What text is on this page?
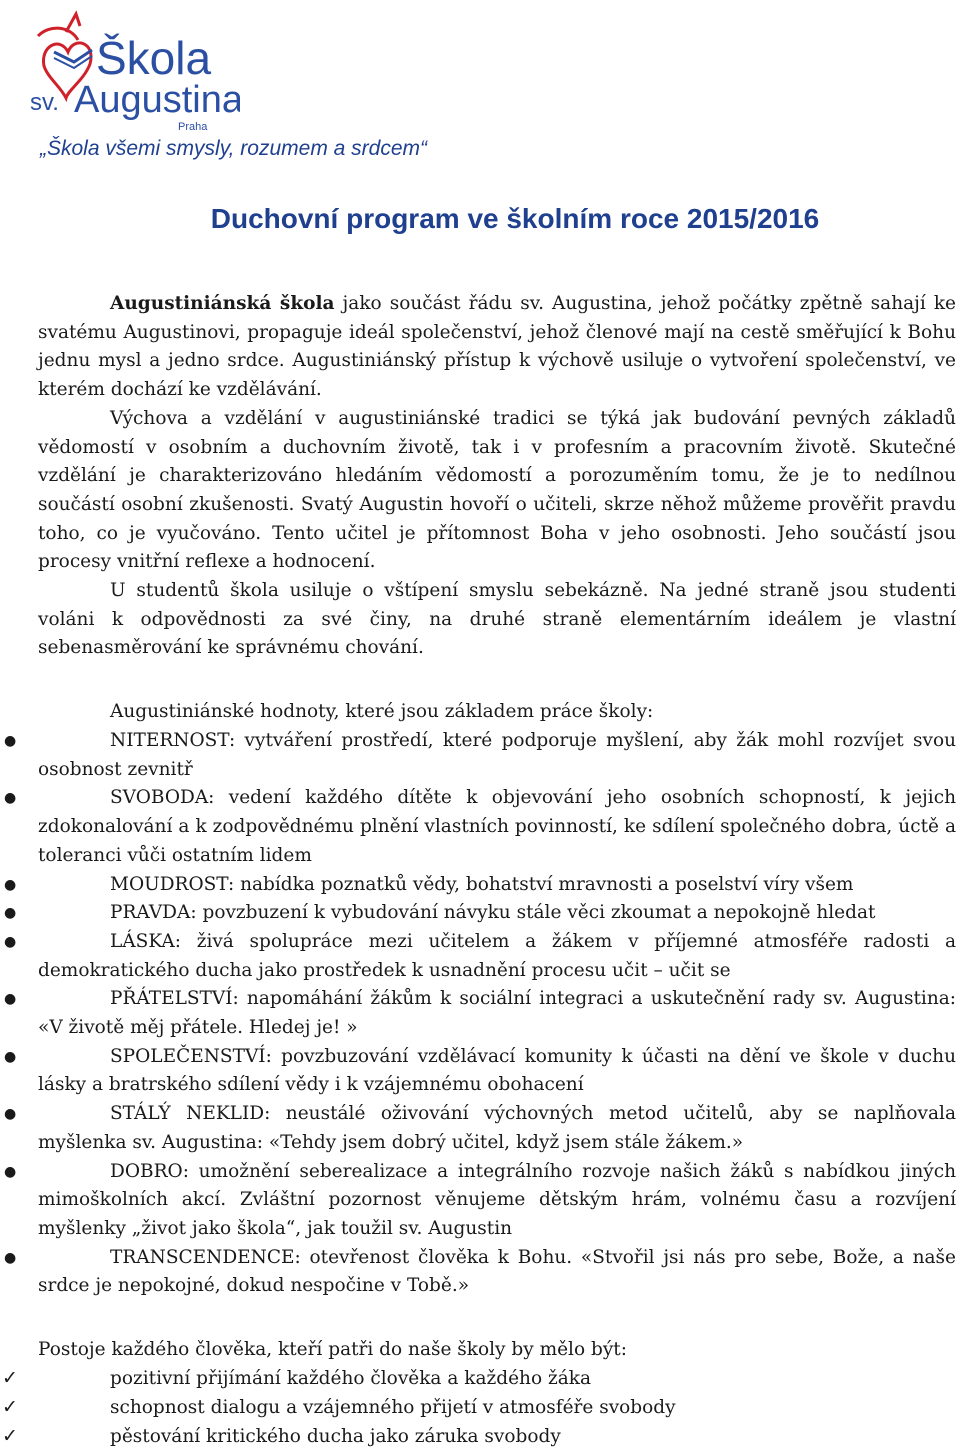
Škola
sv. Augustina
Praha
„Škola všemi smysly, rozumem a srdcem“
Duchovní program ve školním roce 2015/2016
Augustiniánská škola jako součást řádu sv. Augustina, jehož počátky zpětně sahají ke svatému Augustinovi, propaguje ideál společenství, jehož členové mají na cestě směřující k Bohu jednu mysl a jedno srdce. Augustiniánský přístup k výchově usiluje o vytvoření společenství, ve kterém dochází ke vzdělávání.
Výchova a vzdělání v augustiniánské tradici se týká jak budování pevných základů vědomostí v osobním a duchovním životě, tak i v profesním a pracovním životě. Skutečné vzdělání je charakterizováno hledáním vědomostí a porozuměním tomu, že je to nedílnou součástí osobní zkušenosti. Svatý Augustin hovoří o učiteli, skrze něhož můžeme prověřit pravdu toho, co je vyučováno. Tento učitel je přítomnost Boha v jeho osobnosti. Jeho součástí jsou procesy vnitřní reflexe a hodnocení.
U studentů škola usiluje o vštípení smyslu sebekázně. Na jedné straně jsou studenti voláni k odpovědnosti za své činy, na druhé straně elementárním ideálem je vlastní sebenasměrování ke správnému chování.
Augustiniánské hodnoty, které jsou základem práce školy:
●	NITERNOST: vytváření prostředí, které podporuje myšlení, aby žák mohl rozvíjet svou osobnost zevnitř
●	SVOBODA: vedení každého dítěte k objevování jeho osobních schopností, k jejich zdokonalování a k zodpovědnému plnění vlastních povinností, ke sdílení společného dobra, úctě a toleranci vůči ostatním lidem
●	MOUDROST: nabídka poznatků vědy, bohatství mravnosti a poselství víry všem
●	PRAVDA: povzbuzení k vybudování návyku stále věci zkoumat a nepokojně hledat
●	LÁSKA: živá spolupráce mezi učitelem a žákem v příjemné atmosféře radosti a demokratického ducha jako prostředek k usnadnění procesu učit – učit se
●	PŘÁTELSTVÍ: napomáhání žákům k sociální integraci a uskutečnění rady sv. Augustina: «V životě měj přátele. Hledej je! »
●	SPOLEČENSTVÍ: povzbuzování vzdělávací komunity k účasti na dění ve škole v duchu lásky a bratrského sdílení vědy i k vzájemnému obohacení
●	STÁLÝ NEKLID: neustálé oživování výchovných metod učitelů, aby se naplňovala myšlenka sv. Augustina: «Tehdy jsem dobrý učitel, když jsem stále žákem.»
●	DOBRO: umožnění seberealizace a integrálního rozvoje našich žáků s nabídkou jiných mimoškolních akcí. Zvláštní pozornost věnujeme dětským hrám, volnému času a rozvíjení myšlenky „život jako škola“, jak toužil sv. Augustin
●	TRANSCENDENCE: otevřenost člověka k Bohu. «Stvořil jsi nás pro sebe, Bože, a naše srdce je nepokojné, dokud nespočine v Tobě.»
Postoje každého člověka, kteří patři do naše školy by mělo být:
✓	pozitivní přijímání každého člověka a každého žáka
✓	schopnost dialogu a vzájemného přijetí v atmosféře svobody
✓	pěstování kritického ducha jako záruka svobody
